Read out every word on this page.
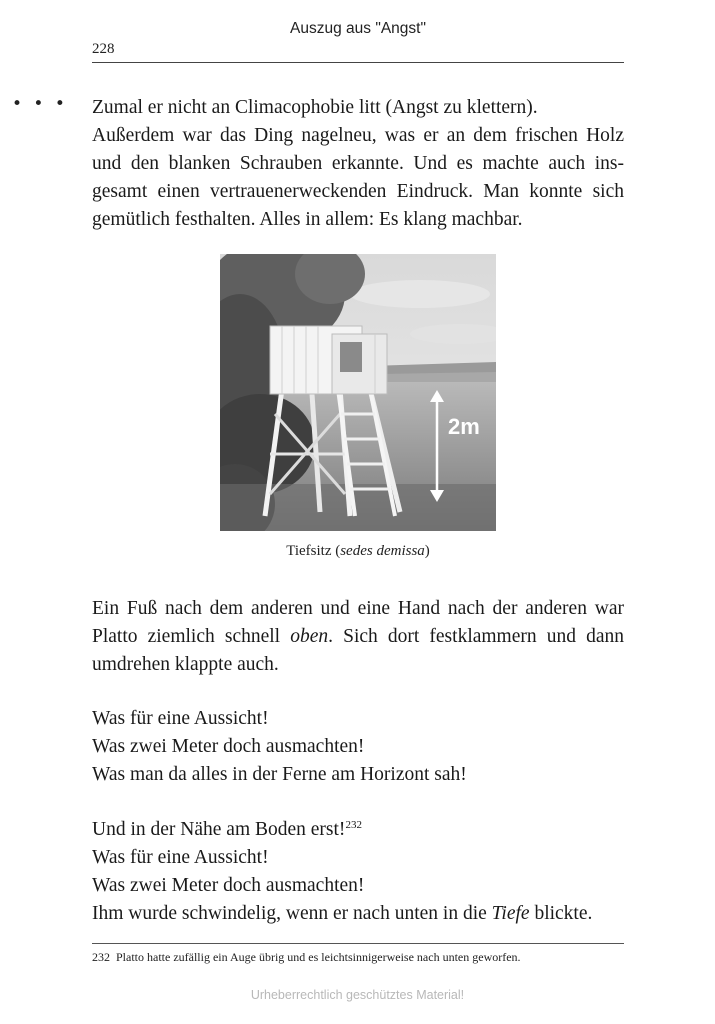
Auszug aus "Angst"
228
• • • Zumal er nicht an Climacophobie litt (Angst zu klettern).
Außerdem war das Ding nagelneu, was er an dem frischen Holz
und den blanken Schrauben erkannte. Und es machte auch ins-
gesamt einen vertrauenerweckenden Eindruck. Man konnte sich
gemütlich festhalten. Alles in allem: Es klang machbar.
2m
Tiefsitz (sedes demissa)
Ein Fuß nach dem anderen und eine Hand nach der anderen war
Platto ziemlich schnell oben. Sich dort festklammern und dann
umdrehen klappte auch.
Was für eine Aussicht!
Was zwei Meter doch ausmachten!
Was man da alles in der Ferne am Horizont sah!
Und in der Nähe am Boden erst!$^{232}$
Was für eine Aussicht!
Was zwei Meter doch ausmachten!
Ihm wurde schwindelig, wenn er nach unten in die Tiefe blickte.
232 Platto hatte zufällig ein Auge übrig und es leichtsinnigerweise nach unten geworfen.
Urheberrechtlich geschütztes Material!
